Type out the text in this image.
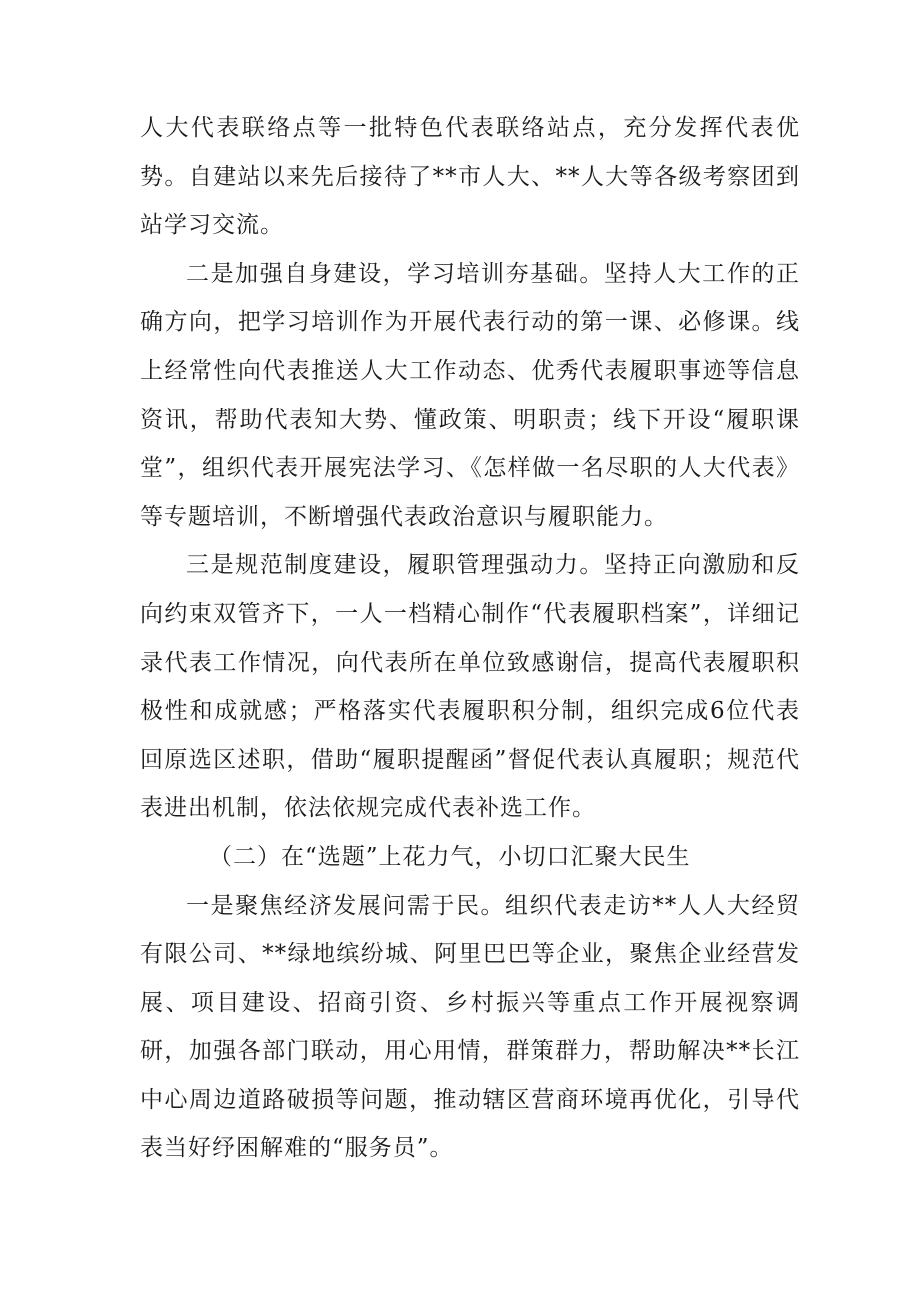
人大代表联络点等一批特色代表联络站点，充分发挥代表优势。自建站以来先后接待了**市人大、**人大等各级考察团到站学习交流。

二是加强自身建设，学习培训夯基础。坚持人大工作的正确方向，把学习培训作为开展代表行动的第一课、必修课。线上经常性向代表推送人大工作动态、优秀代表履职事迹等信息资讯，帮助代表知大势、懂政策、明职责；线下开设“履职课堂”，组织代表开展宪法学习、《怎样做一名尽职的人大代表》等专题培训，不断增强代表政治意识与履职能力。

三是规范制度建设，履职管理强动力。坚持正向激励和反向约束双管齐下，一人一档精心制作“代表履职档案”，详细记录代表工作情况，向代表所在单位致感谢信，提高代表履职积极性和成就感；严格落实代表履职积分制，组织完成6位代表回原选区述职，借助“履职提醒函”督促代表认真履职；规范代表进出机制，依法依规完成代表补选工作。

（二）在“选题”上花力气，小切口汇聚大民生

一是聚焦经济发展问需于民。组织代表走访**人人大经贸有限公司、**绿地缤纷城、阿里巴巴等企业，聚焦企业经营发展、项目建设、招商引资、乡村振兴等重点工作开展视察调研，加强各部门联动，用心用情，群策群力，帮助解决**长江中心周边道路破损等问题，推动辖区营商环境再优化，引导代表当好纾困解难的“服务员”。
